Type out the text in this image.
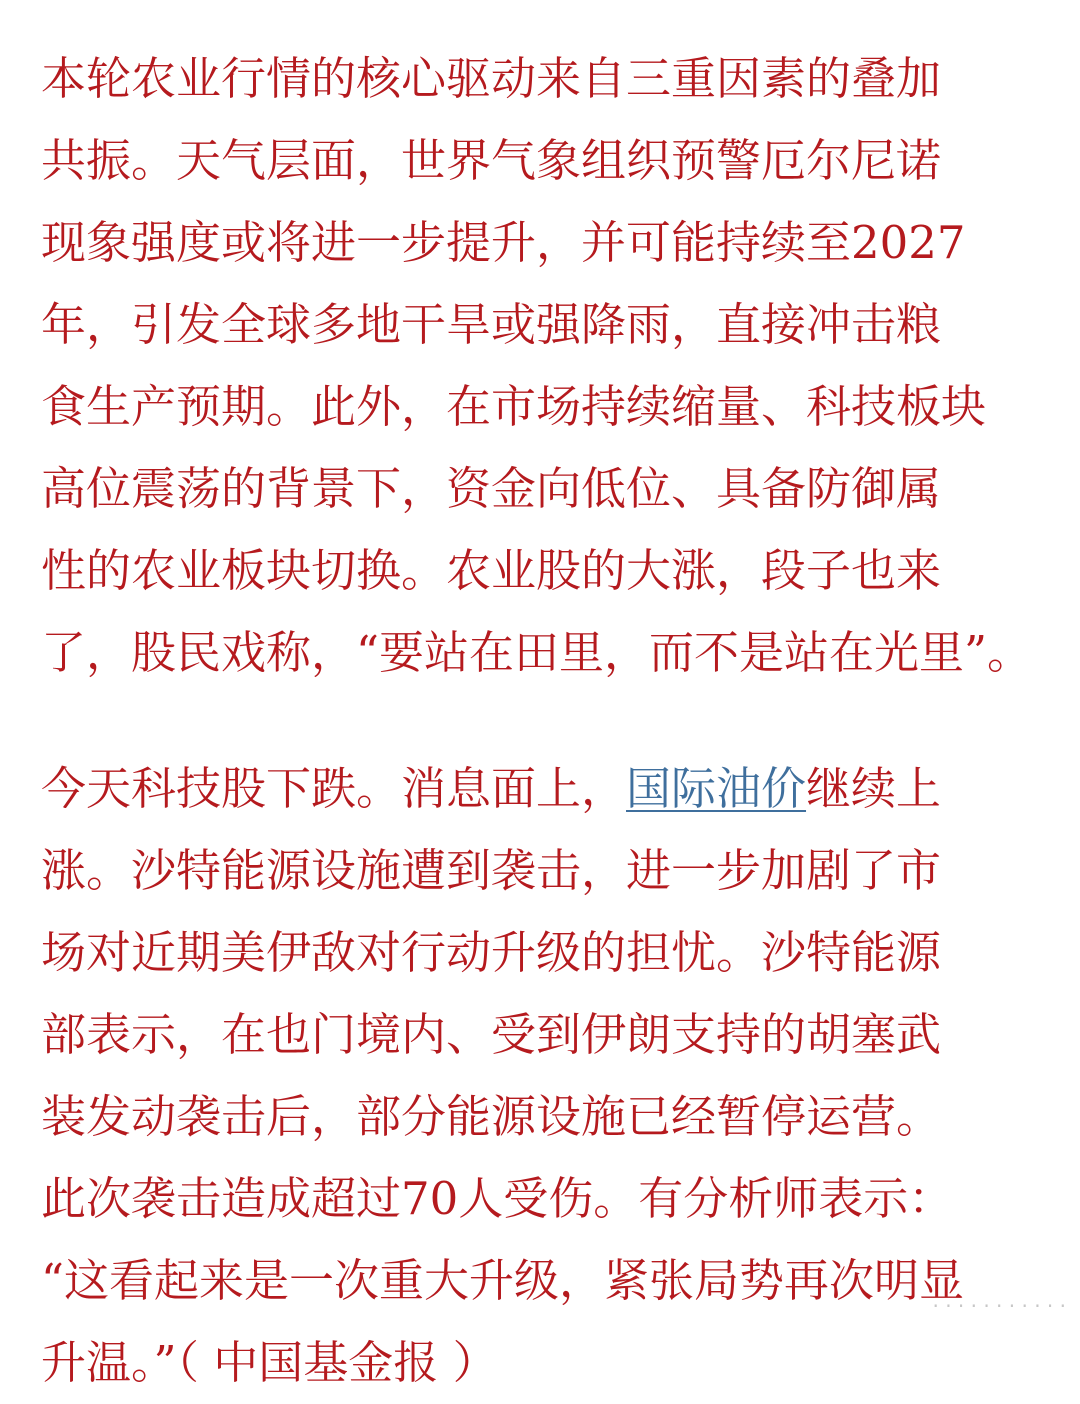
本轮农业行情的核心驱动来自三重因素的叠加
共振。天气层面，世界气象组织预警厄尔尼诺
现象强度或将进一步提升，并可能持续至2027
年，引发全球多地干旱或强降雨，直接冲击粮
食生产预期。此外，在市场持续缩量、科技板块
高位震荡的背景下，资金向低位、具备防御属
性的农业板块切换。农业股的大涨，段子也来
了，股民戏称，“要站在田里，而不是站在光里”。
今天科技股下跌。消息面上，国际油价继续上
涨。沙特能源设施遭到袭击，进一步加剧了市
场对近期美伊敌对行动升级的担忧。沙特能源
部表示，在也门境内、受到伊朗支持的胡塞武
装发动袭击后，部分能源设施已经暂停运营。
此次袭击造成超过70人受伤。有分析师表示：
“这看起来是一次重大升级，紧张局势再次明显
升温。”（ 中国基金报 ）
· · · · · · · · · · ·
